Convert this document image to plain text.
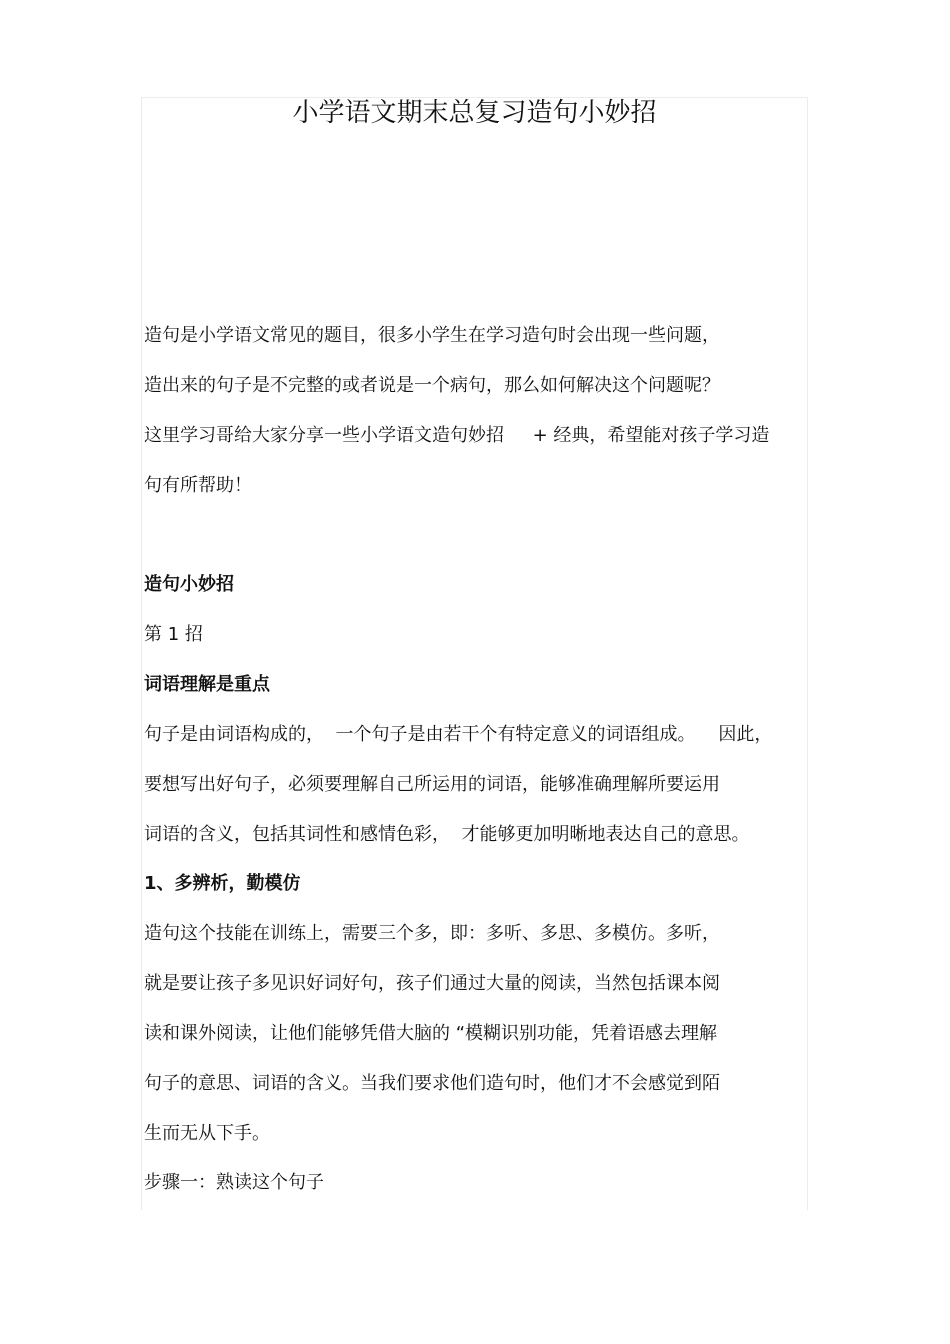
小学语文期末总复习造句小妙招

造句是小学语文常见的题目，很多小学生在学习造句时会出现一些问题，

造出来的句子是不完整的或者说是一个病句，那么如何解决这个问题呢？

这里学习哥给大家分享一些小学语文造句妙招     + 经典，希望能对孩子学习造

句有所帮助！

造句小妙招

第 1 招

词语理解是重点

句子是由词语构成的，  一个句子是由若干个有特定意义的词语组成。    因此，

要想写出好句子，必须要理解自己所运用的词语，能够准确理解所要运用

词语的含义，包括其词性和感情色彩，  才能够更加明晰地表达自己的意思。

1、多辨析，勤模仿

造句这个技能在训练上，需要三个多，即：多听、多思、多模仿。多听，

就是要让孩子多见识好词好句，孩子们通过大量的阅读，当然包括课本阅

读和课外阅读，让他们能够凭借大脑的 “模糊识别功能，凭着语感去理解

句子的意思、词语的含义。当我们要求他们造句时，他们才不会感觉到陌

生而无从下手。

步骤一：熟读这个句子
